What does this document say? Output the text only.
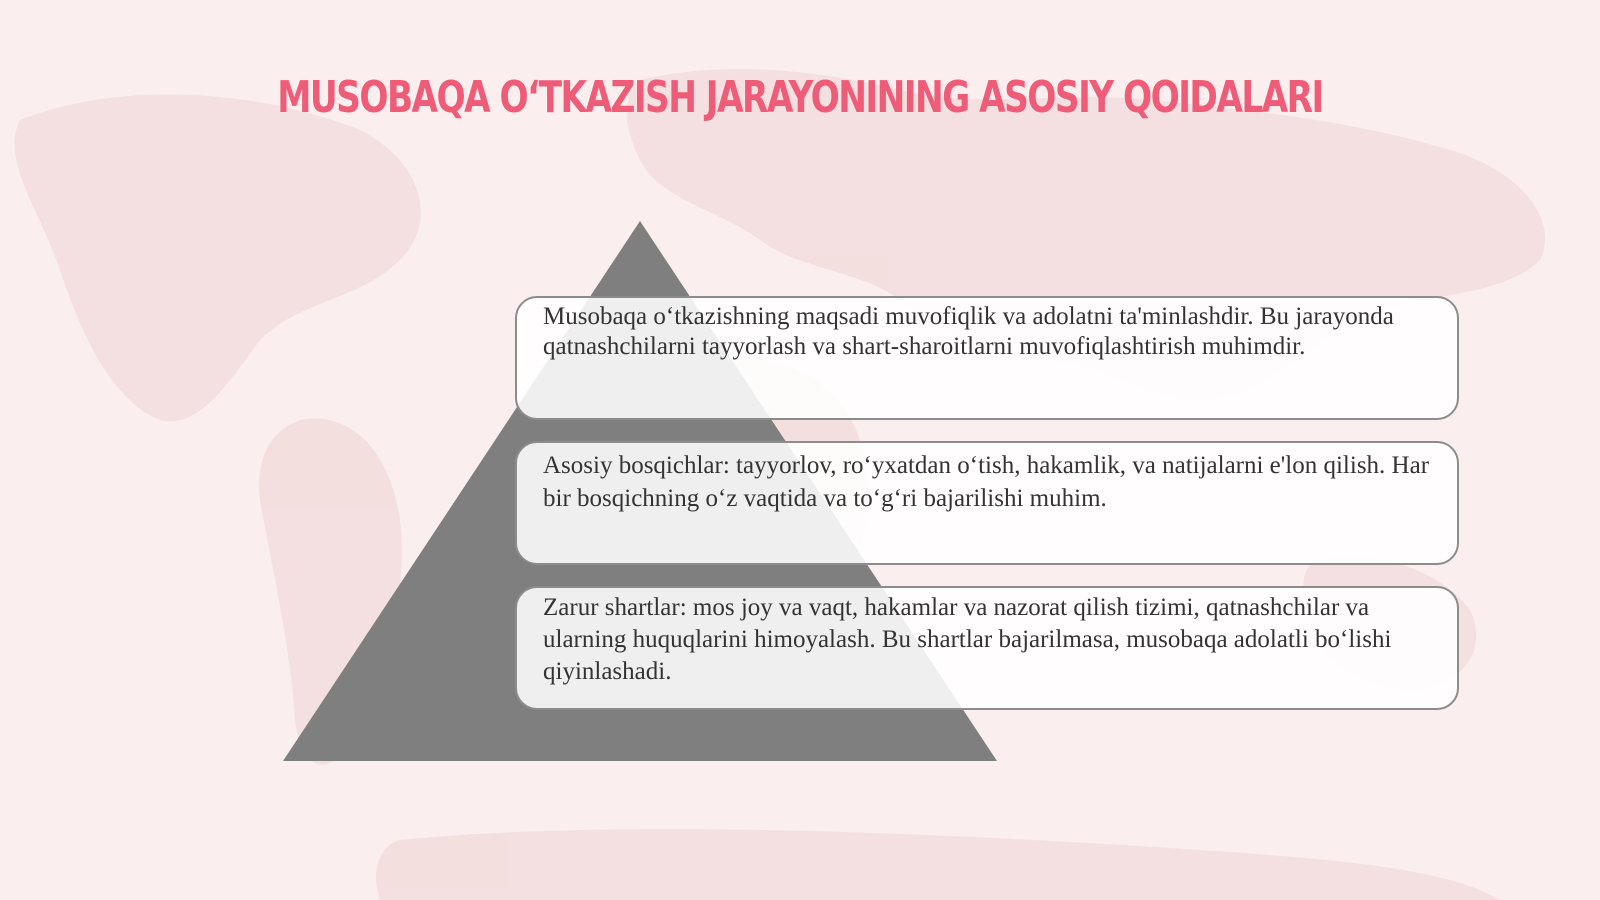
MUSOBAQA O‘TKAZISH JARAYONINING ASOSIY QOIDALARI
Musobaqa o‘tkazishning maqsadi muvofiqlik va adolatni ta'minlashdir. Bu jarayonda qatnashchilarni tayyorlash va shart-sharoitlarni muvofiqlashtirish muhimdir.
Asosiy bosqichlar: tayyorlov, ro‘yxatdan o‘tish, hakamlik, va natijalarni e'lon qilish. Har bir bosqichning o‘z vaqtida va to‘g‘ri bajarilishi muhim.
Zarur shartlar: mos joy va vaqt, hakamlar va nazorat qilish tizimi, qatnashchilar va ularning huquqlarini himoyalash. Bu shartlar bajarilmasa, musobaqa adolatli bo‘lishi qiyinlashadi.
